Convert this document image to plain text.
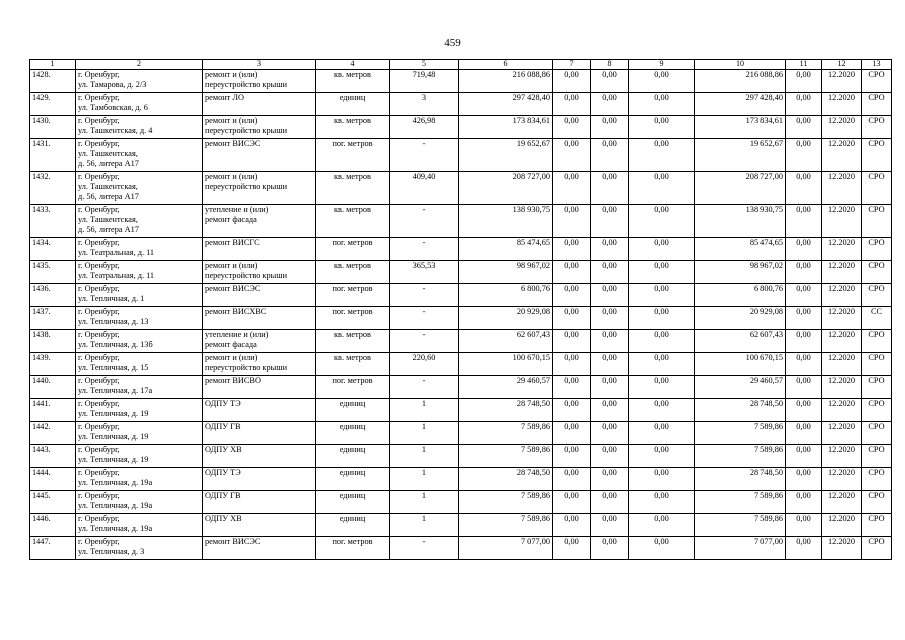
459
1	2	3	4	5	6	7	8	9	10	11	12	13
1428.	г. Оренбург,
ул. Тамарова, д. 2/3	ремонт и (или)
переустройство крыши	кв. метров	719,48	216 088,86	0,00	0,00	0,00	216 088,86	0,00	12.2020	СРО
1429.	г. Оренбург,
ул. Тамбовская, д. 6	ремонт ЛО	единиц	3	297 428,40	0,00	0,00	0,00	297 428,40	0,00	12.2020	СРО
1430.	г. Оренбург,
ул. Ташкентская, д. 4	ремонт и (или)
переустройство крыши	кв. метров	426,98	173 834,61	0,00	0,00	0,00	173 834,61	0,00	12.2020	СРО
1431.	г. Оренбург,
ул. Ташкентская,
д. 56, литера А17	ремонт ВИСЭС	пог. метров	-	19 652,67	0,00	0,00	0,00	19 652,67	0,00	12.2020	СРО
1432.	г. Оренбург,
ул. Ташкентская,
д. 56, литера А17	ремонт и (или)
переустройство крыши	кв. метров	409,40	208 727,00	0,00	0,00	0,00	208 727,00	0,00	12.2020	СРО
1433.	г. Оренбург,
ул. Ташкентская,
д. 56, литера А17	утепление и (или)
ремонт фасада	кв. метров	-	138 930,75	0,00	0,00	0,00	138 930,75	0,00	12.2020	СРО
1434.	г. Оренбург,
ул. Театральная, д. 11	ремонт ВИСГС	пог. метров	-	85 474,65	0,00	0,00	0,00	85 474,65	0,00	12.2020	СРО
1435.	г. Оренбург,
ул. Театральная, д. 11	ремонт и (или)
переустройство крыши	кв. метров	365,53	98 967,02	0,00	0,00	0,00	98 967,02	0,00	12.2020	СРО
1436.	г. Оренбург,
ул. Тепличная, д. 1	ремонт ВИСЭС	пог. метров	-	6 800,76	0,00	0,00	0,00	6 800,76	0,00	12.2020	СРО
1437.	г. Оренбург,
ул. Тепличная, д. 13	ремонт ВИСХВС	пог. метров	-	20 929,08	0,00	0,00	0,00	20 929,08	0,00	12.2020	СС
1438.	г. Оренбург,
ул. Тепличная, д. 13б	утепление и (или)
ремонт фасада	кв. метров	-	62 607,43	0,00	0,00	0,00	62 607,43	0,00	12.2020	СРО
1439.	г. Оренбург,
ул. Тепличная, д. 15	ремонт и (или)
переустройство крыши	кв. метров	220,60	100 670,15	0,00	0,00	0,00	100 670,15	0,00	12.2020	СРО
1440.	г. Оренбург,
ул. Тепличная, д. 17а	ремонт ВИСВО	пог. метров	-	29 460,57	0,00	0,00	0,00	29 460,57	0,00	12.2020	СРО
1441.	г. Оренбург,
ул. Тепличная, д. 19	ОДПУ ТЭ	единиц	1	28 748,50	0,00	0,00	0,00	28 748,50	0,00	12.2020	СРО
1442.	г. Оренбург,
ул. Тепличная, д. 19	ОДПУ ГВ	единиц	1	7 589,86	0,00	0,00	0,00	7 589,86	0,00	12.2020	СРО
1443.	г. Оренбург,
ул. Тепличная, д. 19	ОДПУ ХВ	единиц	1	7 589,86	0,00	0,00	0,00	7 589,86	0,00	12.2020	СРО
1444.	г. Оренбург,
ул. Тепличная, д. 19а	ОДПУ ТЭ	единиц	1	28 748,50	0,00	0,00	0,00	28 748,50	0,00	12.2020	СРО
1445.	г. Оренбург,
ул. Тепличная, д. 19а	ОДПУ ГВ	единиц	1	7 589,86	0,00	0,00	0,00	7 589,86	0,00	12.2020	СРО
1446.	г. Оренбург,
ул. Тепличная, д. 19а	ОДПУ ХВ	единиц	1	7 589,86	0,00	0,00	0,00	7 589,86	0,00	12.2020	СРО
1447.	г. Оренбург,
ул. Тепличная, д. 3	ремонт ВИСЭС	пог. метров	-	7 077,00	0,00	0,00	0,00	7 077,00	0,00	12.2020	СРО
